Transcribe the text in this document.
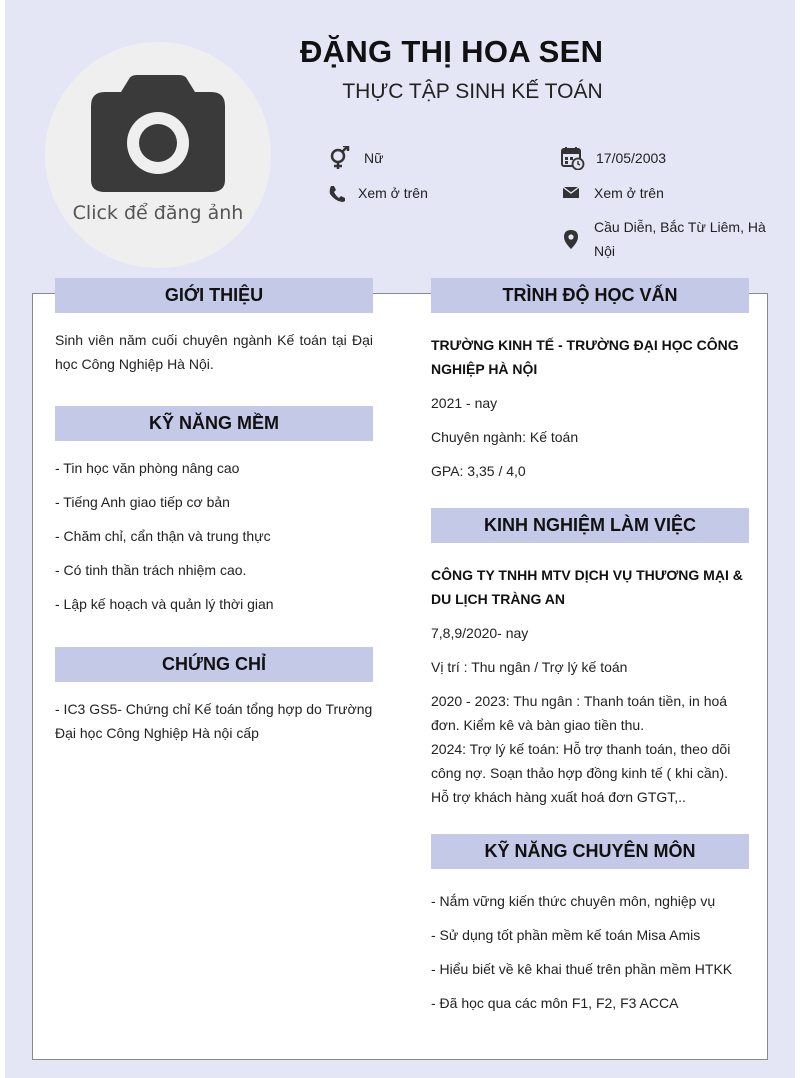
Click để đăng ảnh
ĐẶNG THỊ HOA SEN
THỰC TẬP SINH KẾ TOÁN
Nữ	17/05/2003
Xem ở trên	Xem ở trên
Cầu Diễn, Bắc Từ Liêm, Hà
Nội
GIỚI THIỆU
Sinh viên năm cuối chuyên ngành Kế toán tại Đại học Công Nghiệp Hà Nội.
KỸ NĂNG MỀM
- Tin học văn phòng nâng cao
- Tiếng Anh giao tiếp cơ bản
- Chăm chỉ, cẩn thận và trung thực
- Có tinh thần trách nhiệm cao.
- Lập kế hoạch và quản lý thời gian
CHỨNG CHỈ
- IC3 GS5- Chứng chỉ Kế toán tổng hợp do Trường Đại học Công Nghiệp Hà nội cấp
TRÌNH ĐỘ HỌC VẤN
TRƯỜNG KINH TẾ - TRƯỜNG ĐẠI HỌC CÔNG NGHIỆP HÀ NỘI
2021 - nay
Chuyên ngành: Kế toán
GPA: 3,35 / 4,0
KINH NGHIỆM LÀM VIỆC
CÔNG TY TNHH MTV DỊCH VỤ THƯƠNG MẠI & DU LỊCH TRÀNG AN
7,8,9/2020- nay
Vị trí : Thu ngân / Trợ lý kế toán
2020 - 2023: Thu ngân : Thanh toán tiền, in hoá đơn. Kiểm kê và bàn giao tiền thu.
2024: Trợ lý kế toán: Hỗ trợ thanh toán, theo dõi công nợ. Soạn thảo hợp đồng kinh tế ( khi cần). Hỗ trợ khách hàng xuất hoá đơn GTGT,..
KỸ NĂNG CHUYÊN MÔN
- Nắm vững kiến thức chuyên môn, nghiệp vụ
- Sử dụng tốt phần mềm kế toán Misa Amis
- Hiểu biết về kê khai thuế trên phần mềm HTKK
- Đã học qua các môn F1, F2, F3 ACCA
